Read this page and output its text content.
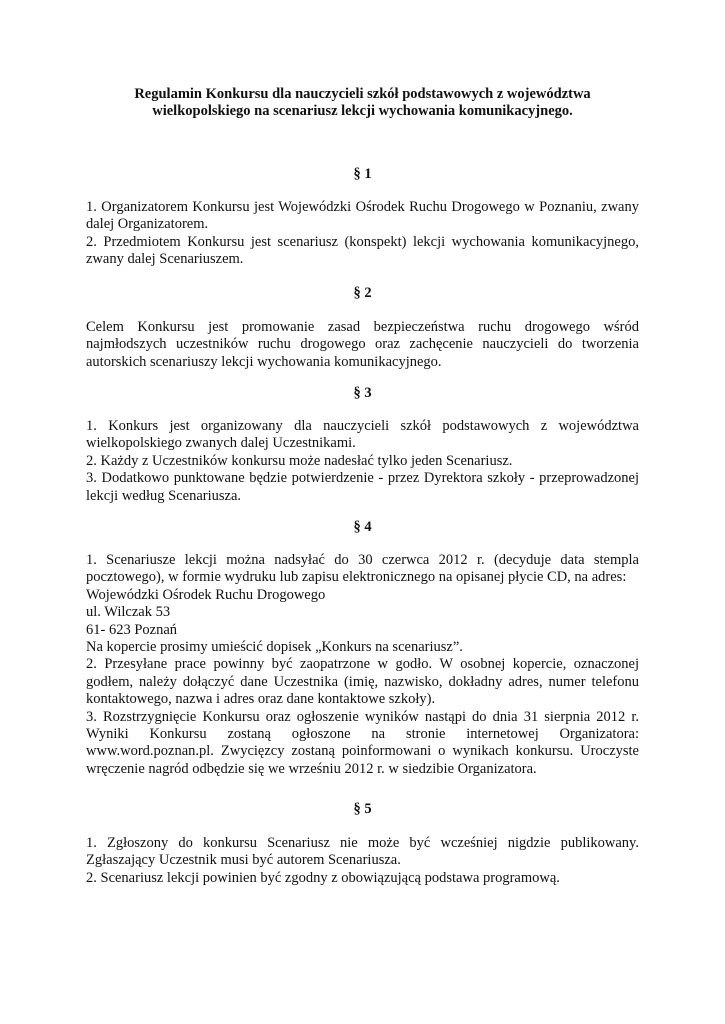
Regulamin Konkursu dla nauczycieli szkół podstawowych z województwa
wielkopolskiego na scenariusz lekcji wychowania komunikacyjnego.
§ 1

1. Organizatorem Konkursu jest Wojewódzki Ośrodek Ruchu Drogowego w Poznaniu, zwany dalej Organizatorem.

2. Przedmiotem Konkursu jest scenariusz (konspekt) lekcji wychowania komunikacyjnego, zwany dalej Scenariuszem.

§ 2

Celem Konkursu jest promowanie zasad bezpieczeństwa ruchu drogowego wśród najmłodszych uczestników ruchu drogowego oraz zachęcenie nauczycieli do tworzenia autorskich scenariuszy lekcji wychowania komunikacyjnego.

§ 3

1. Konkurs jest organizowany dla nauczycieli szkół podstawowych z województwa wielkopolskiego zwanych dalej Uczestnikami.

2. Każdy z Uczestników konkursu może nadesłać tylko jeden Scenariusz.

3. Dodatkowo punktowane będzie potwierdzenie - przez Dyrektora szkoły - przeprowadzonej lekcji według Scenariusza.

§ 4

1. Scenariusze lekcji można nadsyłać do 30 czerwca 2012 r. (decyduje data stempla pocztowego), w formie wydruku lub zapisu elektronicznego na opisanej płycie CD, na adres:

Wojewódzki Ośrodek Ruchu Drogowego

ul. Wilczak 53

61- 623 Poznań

Na kopercie prosimy umieścić dopisek „Konkurs na scenariusz”.

2. Przesyłane prace powinny być zaopatrzone w godło. W osobnej kopercie, oznaczonej godłem, należy dołączyć dane Uczestnika (imię, nazwisko, dokładny adres, numer telefonu kontaktowego, nazwa i adres oraz dane kontaktowe szkoły).

3. Rozstrzygnięcie Konkursu oraz ogłoszenie wyników nastąpi do dnia 31 sierpnia 2012 r. Wyniki Konkursu zostaną ogłoszone na stronie internetowej Organizatora: www.word.poznan.pl. Zwycięzcy zostaną poinformowani o wynikach konkursu. Uroczyste wręczenie nagród odbędzie się we wrześniu 2012 r. w siedzibie Organizatora.

§ 5

1. Zgłoszony do konkursu Scenariusz nie może być wcześniej nigdzie publikowany. Zgłaszający Uczestnik musi być autorem Scenariusza.

2. Scenariusz lekcji powinien być zgodny z obowiązującą podstawa programową.
